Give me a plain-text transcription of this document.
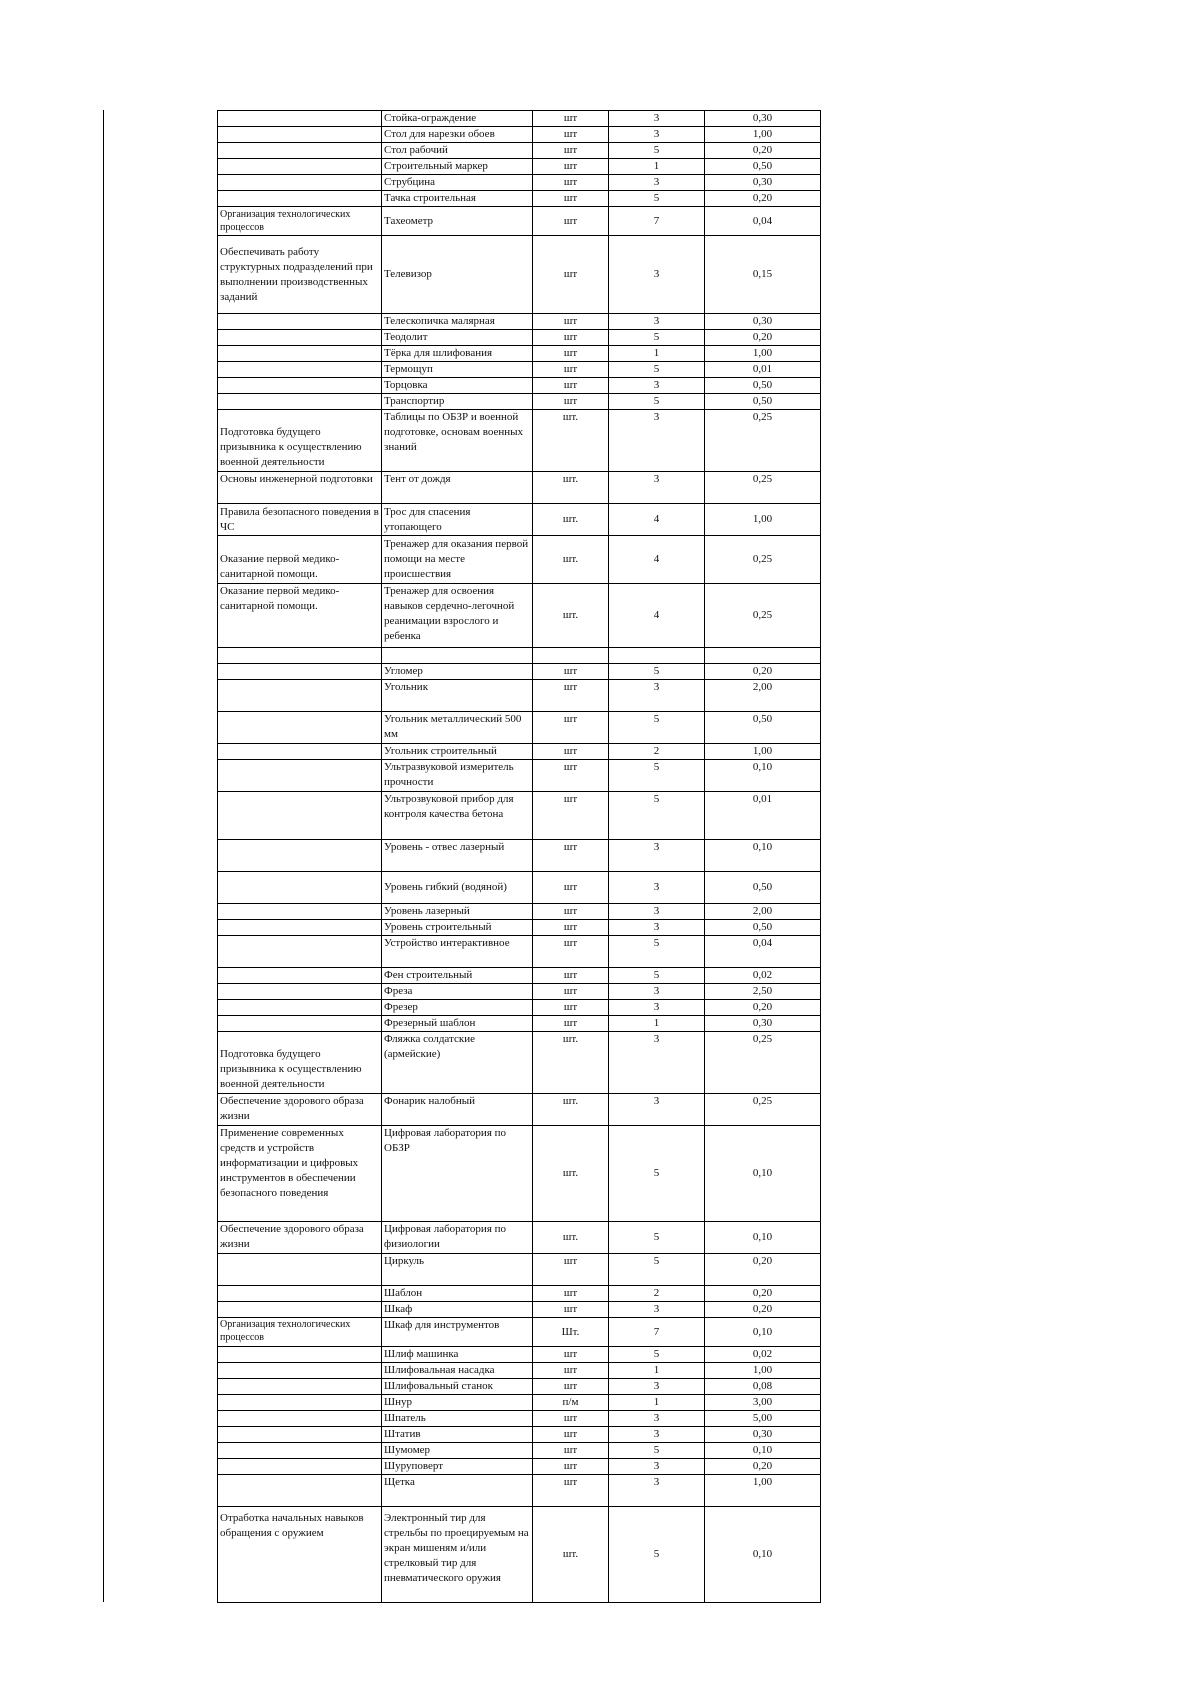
	Стойка-ограждение	шт	3	0,30
	Стол для нарезки обоев	шт	3	1,00
	Стол рабочий	шт	5	0,20
	Строительный маркер	шт	1	0,50
	Струбцина	шт	3	0,30
	Тачка строительная	шт	5	0,20
Организация технологических процессов	Тахеометр	шт	7	0,04
Обеспечивать работу структурных подразделений при выполнении производственных заданий	Телевизор	шт	3	0,15
	Телескопичка малярная	шт	3	0,30
	Теодолит	шт	5	0,20
	Тёрка для шлифования	шт	1	1,00
	Термощуп	шт	5	0,01
	Торцовка	шт	3	0,50
	Транспортир	шт	5	0,50
Подготовка будущего призывника к осуществлению военной деятельности	Таблицы по ОБЗР и военной подготовке, основам военных знаний	шт.	3	0,25
Основы инженерной подготовки	Тент от дождя	шт.	3	0,25
Правила безопасного поведения в ЧС	Трос для спасения утопающего	шт.	4	1,00
Оказание первой медико-санитарной помощи.	Тренажер для оказания первой помощи на месте происшествия	шт.	4	0,25
Оказание первой медико-санитарной помощи.	Тренажер для освоения навыков сердечно-легочной реанимации взрослого и ребенка	шт.	4	0,25

	Угломер	шт	5	0,20
	Угольник	шт	3	2,00
	Угольник металлический 500 мм	шт	5	0,50
	Угольник строительный	шт	2	1,00
	Ультразвуковой измеритель прочности	шт	5	0,10
	Ультрозвуковой прибор для контроля качества бетона	шт	5	0,01
	Уровень - отвес лазерный	шт	3	0,10
	Уровень гибкий (водяной)	шт	3	0,50
	Уровень лазерный	шт	3	2,00
	Уровень строительный	шт	3	0,50
	Устройство интерактивное	шт	5	0,04
	Фен строительный	шт	5	0,02
	Фреза	шт	3	2,50
	Фрезер	шт	3	0,20
	Фрезерный шаблон	шт	1	0,30
Подготовка будущего призывника к осуществлению военной деятельности	Фляжка солдатские (армейские)	шт.	3	0,25
Обеспечение здорового образа жизни	Фонарик налобный	шт.	3	0,25
Применение современных средств и устройств информатизации и цифровых инструментов в обеспечении безопасного поведения	Цифровая лаборатория по ОБЗР	шт.	5	0,10
Обеспечение здорового образа жизни	Цифровая лаборатория по физиологии	шт.	5	0,10
	Циркуль	шт	5	0,20
	Шаблон	шт	2	0,20
	Шкаф	шт	3	0,20
Организация технологических процессов	Шкаф для инструментов	Шт.	7	0,10
	Шлиф машинка	шт	5	0,02
	Шлифовальная насадка	шт	1	1,00
	Шлифовальный станок	шт	3	0,08
	Шнур	п/м	1	3,00
	Шпатель	шт	3	5,00
	Штатив	шт	3	0,30
	Шумомер	шт	5	0,10
	Шуруповерт	шт	3	0,20
	Щетка	шт	3	1,00
Отработка начальных навыков обращения с оружием	Электронный тир для стрельбы по проецируемым на экран мишеням и/или стрелковый тир для пневматического оружия	шт.	5	0,10
